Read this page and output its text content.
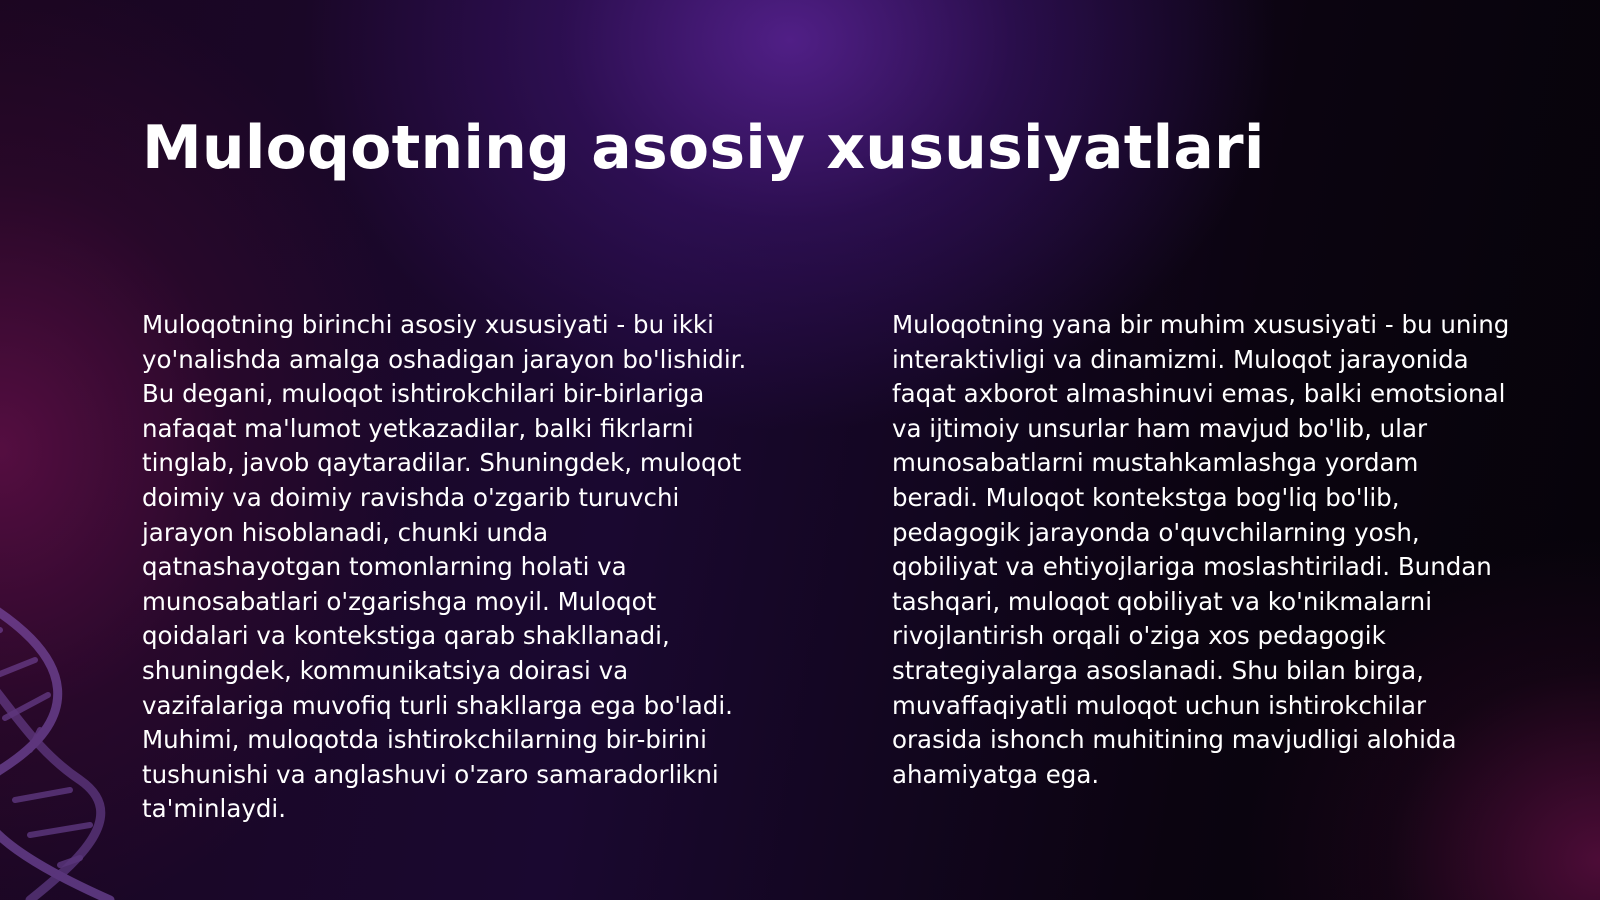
Muloqotning asosiy xususiyatlari

Muloqotning birinchi asosiy xususiyati - bu ikki yo'nalishda amalga oshadigan jarayon bo'lishidir. Bu degani, muloqot ishtirokchilari bir-birlariga nafaqat ma'lumot yetkazadilar, balki fikrlarni tinglab, javob qaytaradilar. Shuningdek, muloqot doimiy va doimiy ravishda o'zgarib turuvchi jarayon hisoblanadi, chunki unda qatnashayotgan tomonlarning holati va munosabatlari o'zgarishga moyil. Muloqot qoidalari va kontekstiga qarab shakllanadi, shuningdek, kommunikatsiya doirasi va vazifalariga muvofiq turli shakllarga ega bo'ladi. Muhimi, muloqotda ishtirokchilarning bir-birini tushunishi va anglashuvi o'zaro samaradorlikni ta'minlaydi.

Muloqotning yana bir muhim xususiyati - bu uning interaktivligi va dinamizmi. Muloqot jarayonida faqat axborot almashinuvi emas, balki emotsional va ijtimoiy unsurlar ham mavjud bo'lib, ular munosabatlarni mustahkamlashga yordam beradi. Muloqot kontekstga bog'liq bo'lib, pedagogik jarayonda o'quvchilarning yosh, qobiliyat va ehtiyojlariga moslashtiriladi. Bundan tashqari, muloqot qobiliyat va ko'nikmalarni rivojlantirish orqali o'ziga xos pedagogik strategiyalarga asoslanadi. Shu bilan birga, muvaffaqiyatli muloqot uchun ishtirokchilar orasida ishonch muhitining mavjudligi alohida ahamiyatga ega.
